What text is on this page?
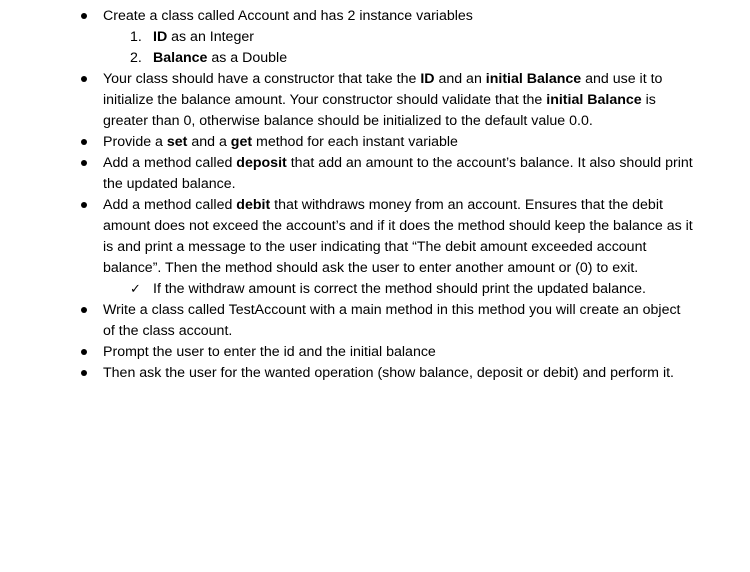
Create a class called Account and has 2 instance variables
1. ID as an Integer
2. Balance as a Double
Your class should have a constructor that take the ID and an initial Balance and use it to initialize the balance amount. Your constructor should validate that the initial Balance is greater than 0, otherwise balance should be initialized to the default value 0.0.
Provide a set and a get method for each instant variable
Add a method called deposit that add an amount to the account’s balance. It also should print the updated balance.
Add a method called debit that withdraws money from an account. Ensures that the debit amount does not exceed the account’s and if it does the method should keep the balance as it is and print a message to the user indicating that “The debit amount exceeded account balance”. Then the method should ask the user to enter another amount or (0) to exit.
✓ If the withdraw amount is correct the method should print the updated balance.
Write a class called TestAccount with a main method in this method you will create an object of the class account.
Prompt the user to enter the id and the initial balance
Then ask the user for the wanted operation (show balance, deposit or debit) and perform it.
